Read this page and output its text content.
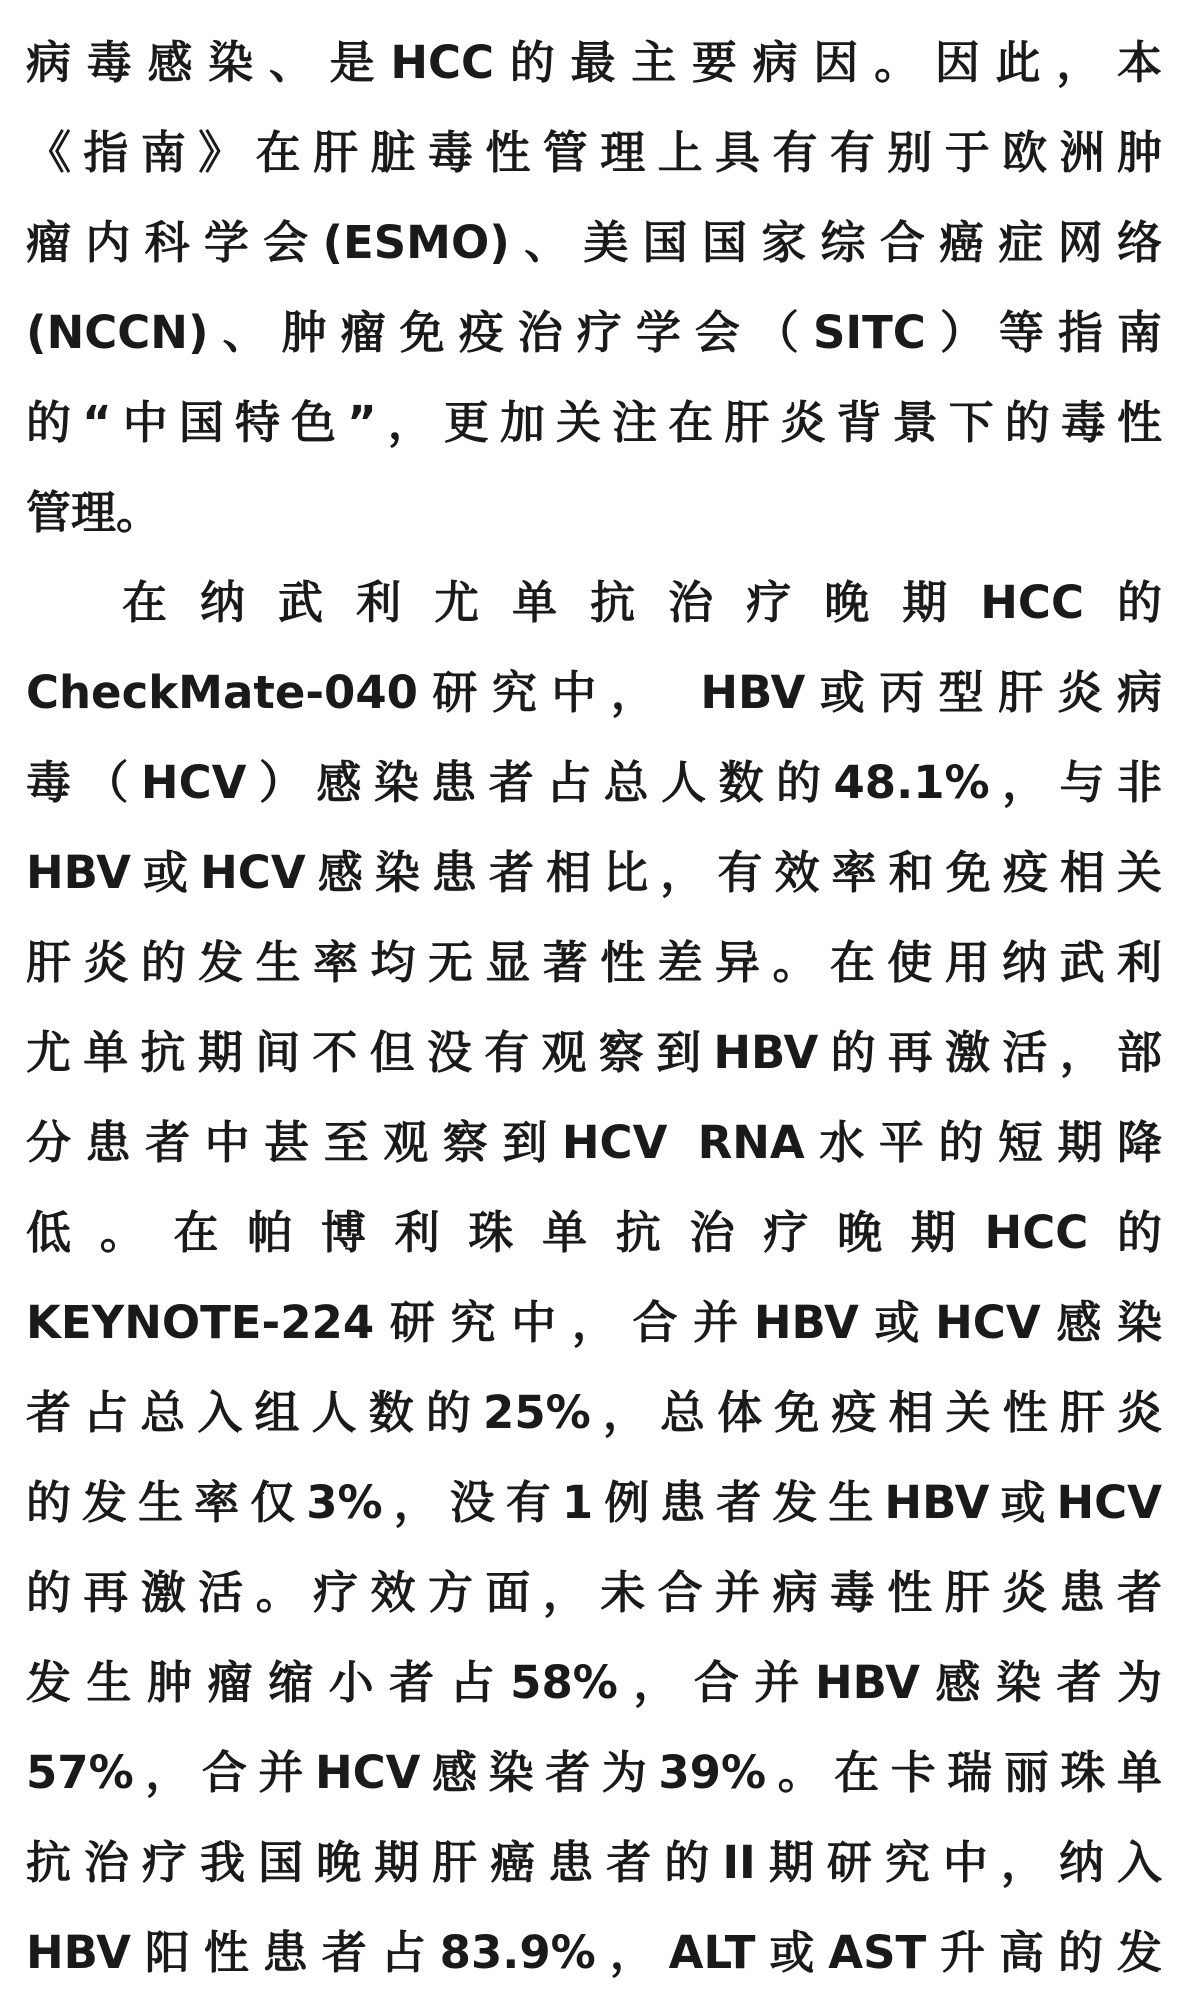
病毒感染、是HCC的最主要病因。因此，本
《指南》在肝脏毒性管理上具有有别于欧洲肿
瘤内科学会(ESMO)、美国国家综合癌症网络
(NCCN)、肿瘤免疫治疗学会（SITC）等指南
的“中国特色”，更加关注在肝炎背景下的毒性
管理。
在纳武利尤单抗治疗晚期HCC的
CheckMate-040研究中， HBV或丙型肝炎病
毒（HCV）感染患者占总人数的48.1%，与非
HBV或HCV感染患者相比，有效率和免疫相关
肝炎的发生率均无显著性差异。在使用纳武利
尤单抗期间不但没有观察到HBV的再激活，部
分患者中甚至观察到HCV RNA水平的短期降
低。在帕博利珠单抗治疗晚期HCC的
KEYNOTE-224研究中，合并HBV或HCV感染
者占总入组人数的25%，总体免疫相关性肝炎
的发生率仅3%，没有1例患者发生HBV或HCV
的再激活。疗效方面，未合并病毒性肝炎患者
发生肿瘤缩小者占58%，合并HBV感染者为
57%，合并HCV感染者为39%。在卡瑞丽珠单
抗治疗我国晚期肝癌患者的II期研究中，纳入
HBV阳性患者占83.9%，ALT或AST升高的发
